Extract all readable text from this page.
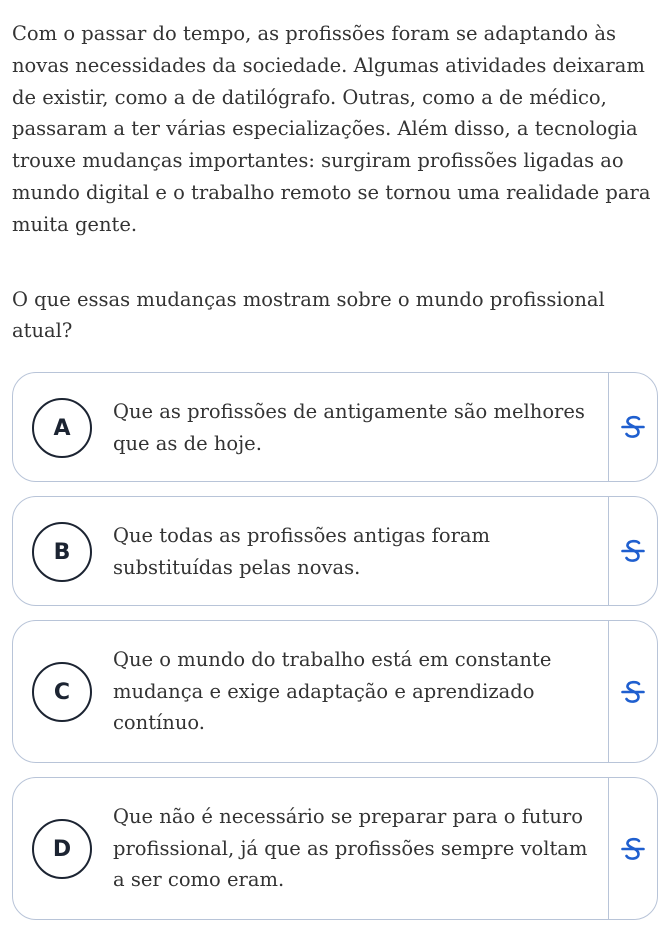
Com o passar do tempo, as profissões foram se adaptando às novas necessidades da sociedade. Algumas atividades deixaram de existir, como a de datilógrafo. Outras, como a de médico, passaram a ter várias especializações. Além disso, a tecnologia trouxe mudanças importantes: surgiram profissões ligadas ao mundo digital e o trabalho remoto se tornou uma realidade para muita gente.

O que essas mudanças mostram sobre o mundo profissional atual?

A

Que as profissões de antigamente são melhores que as de hoje.

B

Que todas as profissões antigas foram substituídas pelas novas.

C

Que o mundo do trabalho está em constante mudança e exige adaptação e aprendizado contínuo.

D

Que não é necessário se preparar para o futuro profissional, já que as profissões sempre voltam a ser como eram.
